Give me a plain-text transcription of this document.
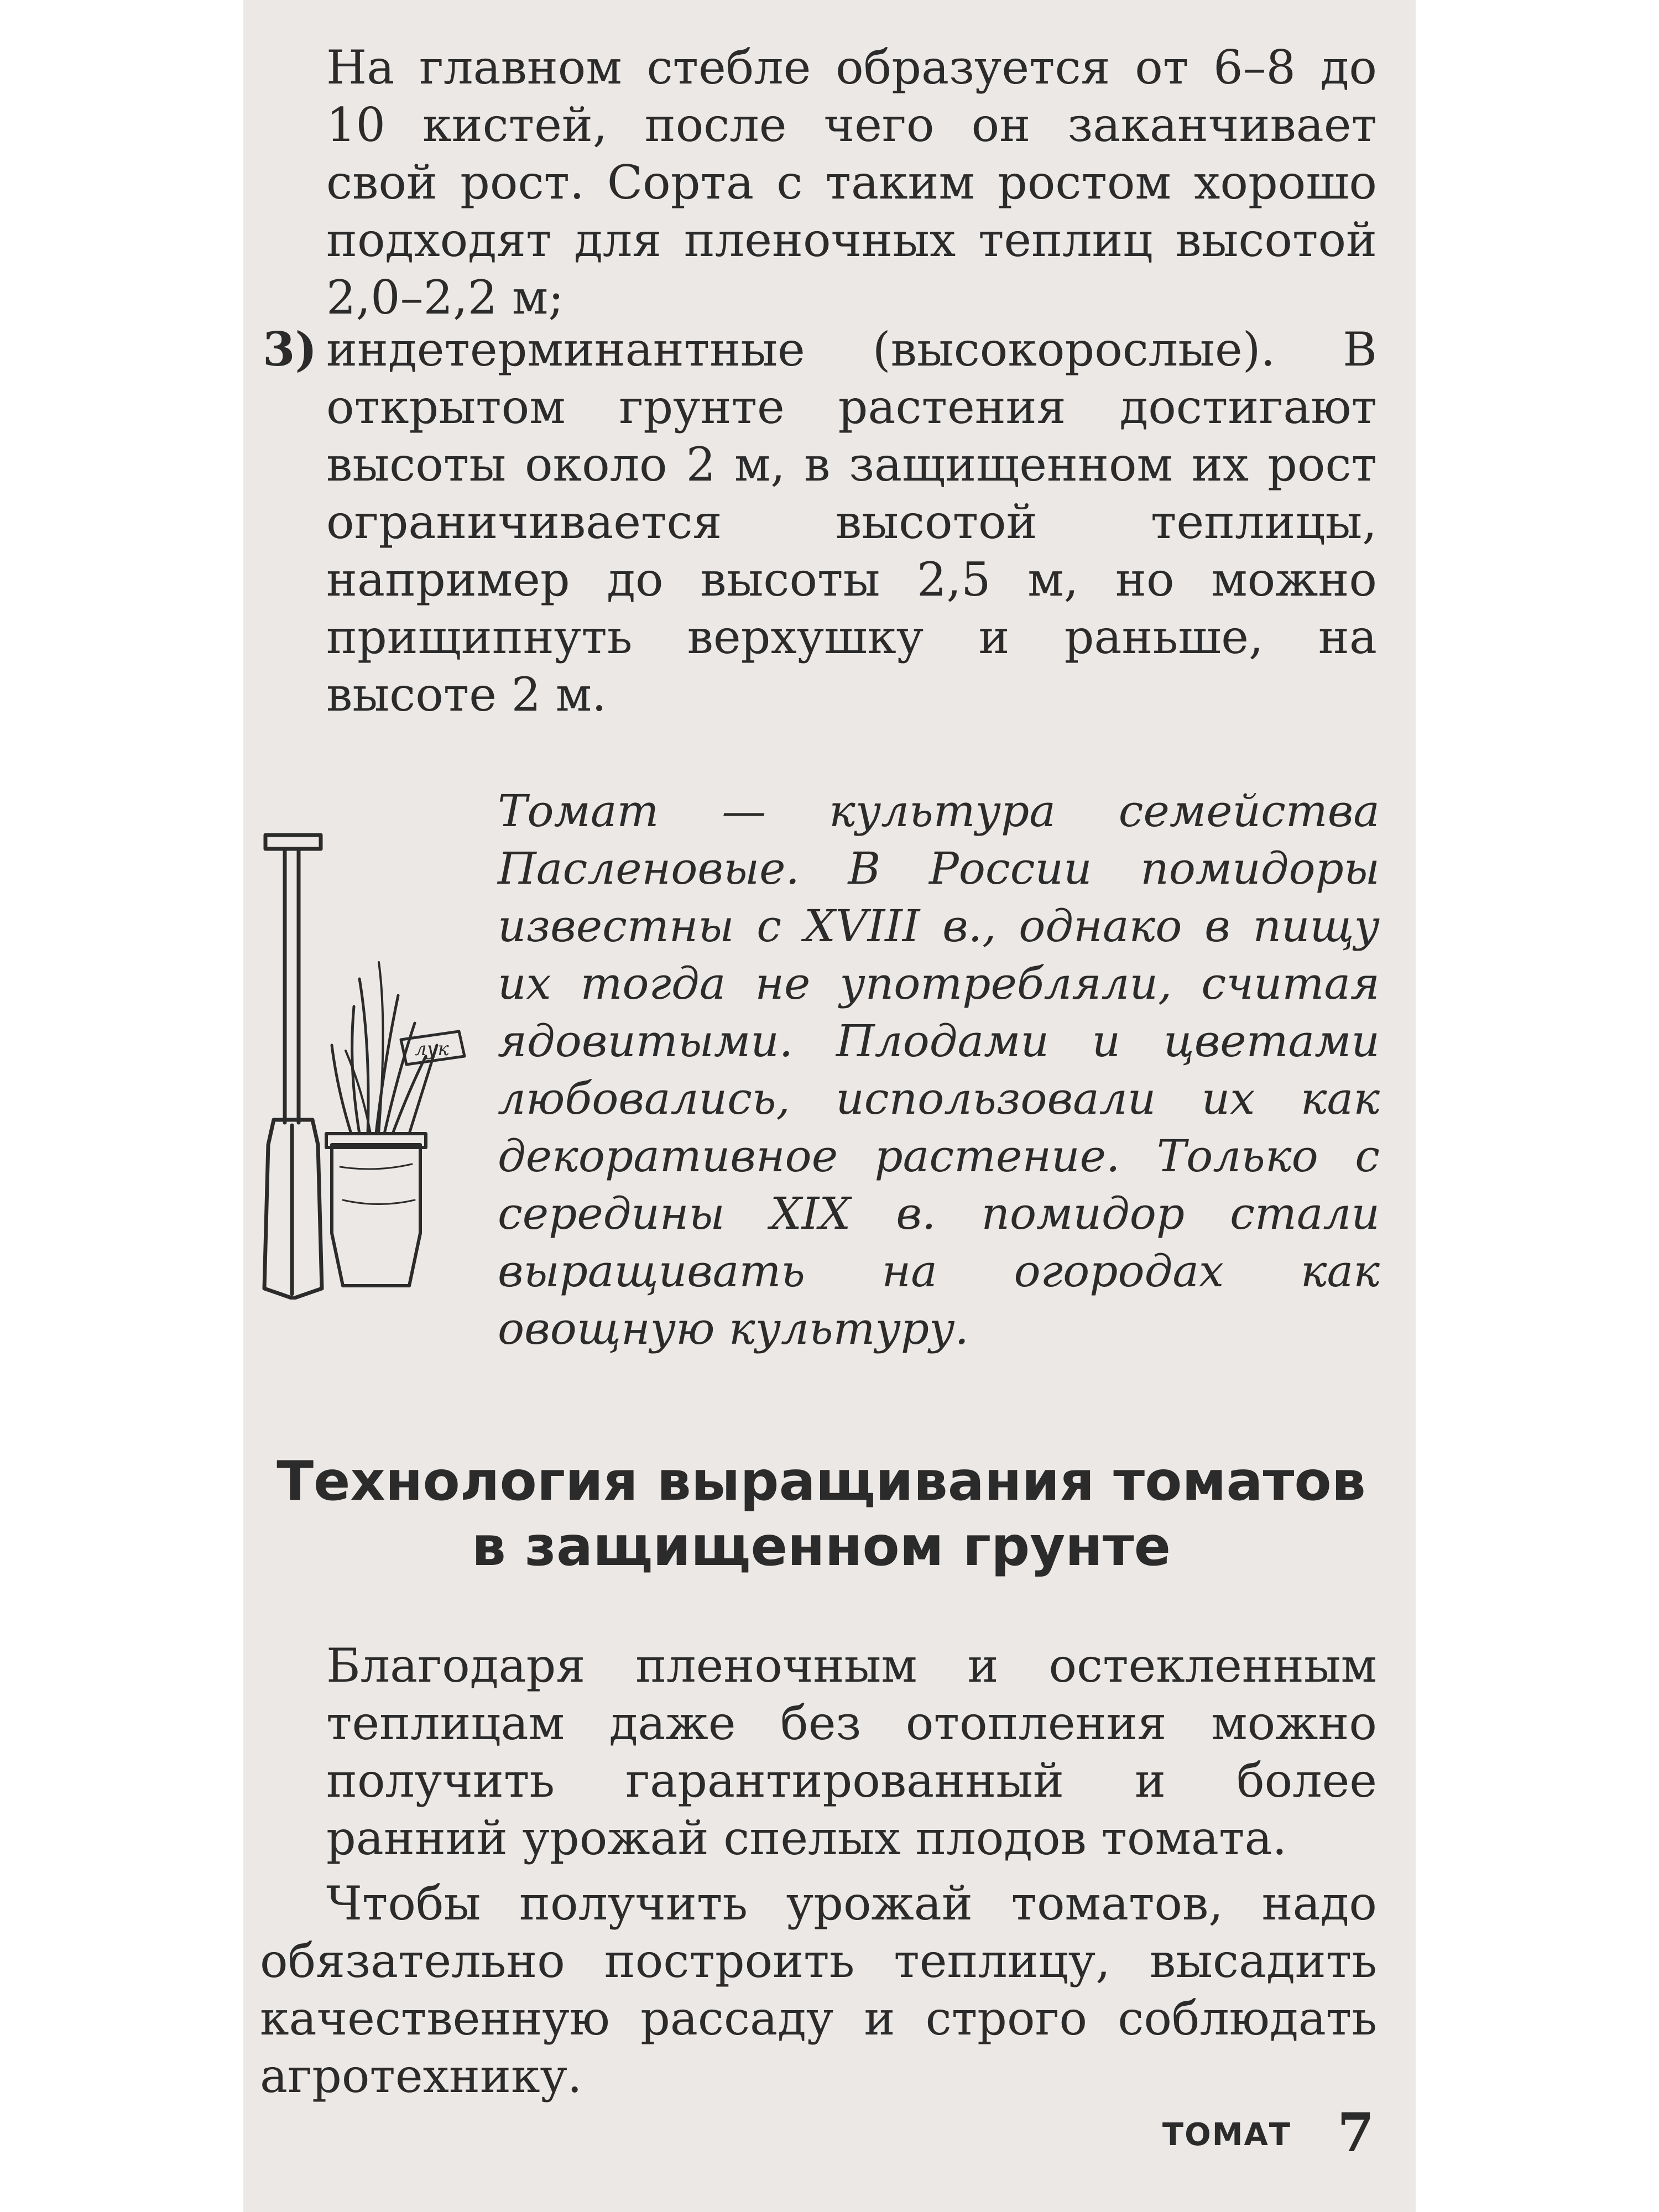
На главном стебле образуется от 6–8 до 10 кистей, после чего он заканчивает свой рост. Сорта с таким ростом хорошо подходят для пленочных теплиц высотой 2,0–2,2 м;

3) индетерминантные (высокорослые). В открытом грунте растения достигают высоты около 2 м, в защищенном их рост ограничивается высотой теплицы, например до высоты 2,5 м, но можно прищипнуть верхушку и раньше, на высоте 2 м.

лук

Томат — культура семейства Пасленовые. В России помидоры известны с XVIII в., однако в пищу их тогда не употребляли, считая ядовитыми. Плодами и цветами любовались, использовали их как декоративное растение. Только с середины XIX в. помидор стали выращивать на огородах как овощную культуру.

Технология выращивания томатов в защищенном грунте

Благодаря пленочным и остекленным теплицам даже без отопления можно получить гарантированный и более ранний урожай спелых плодов томата.

Чтобы получить урожай томатов, надо обязательно построить теплицу, высадить качественную рассаду и строго соблюдать агротехнику.

ТОМАТ 7
